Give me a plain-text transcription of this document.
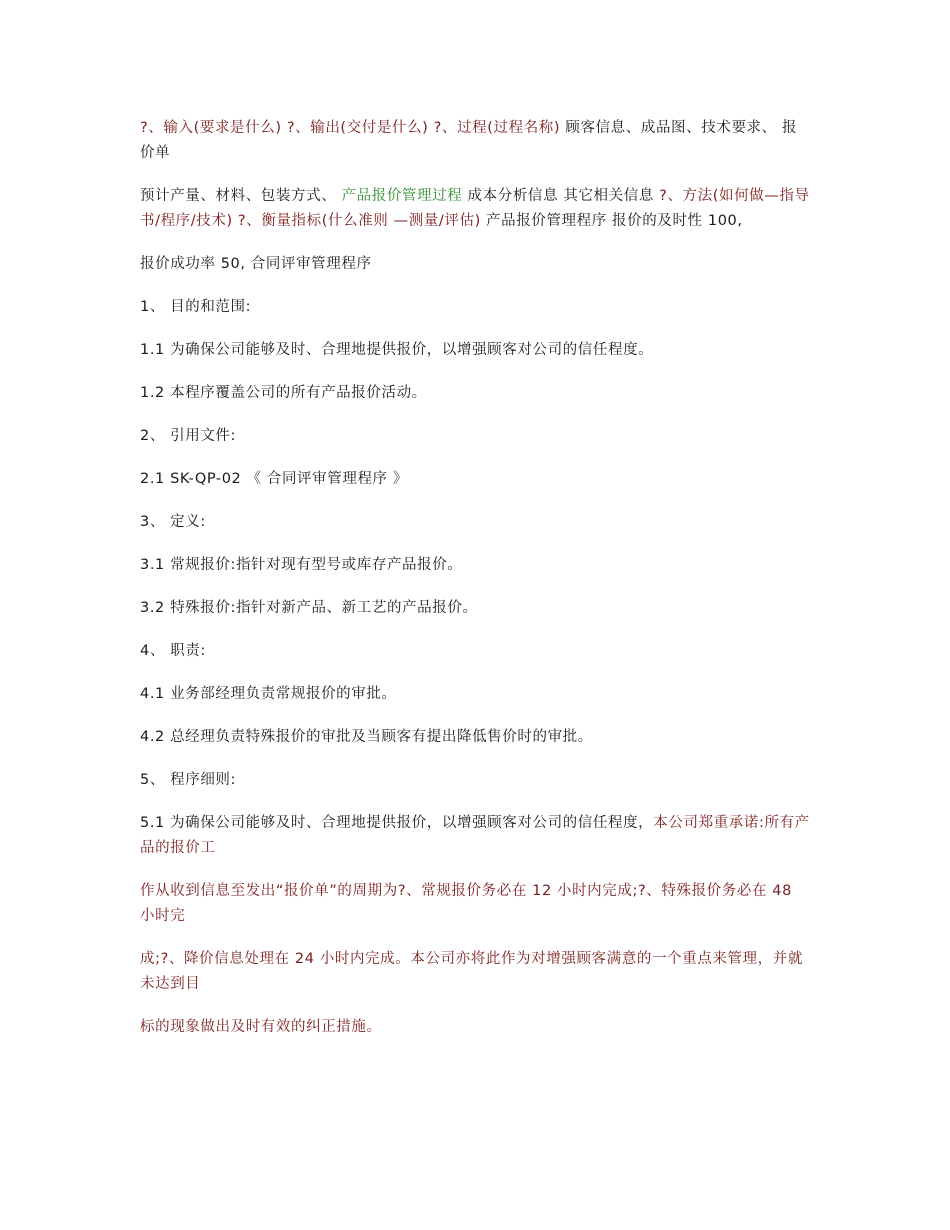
?、输入(要求是什么) ?、输出(交付是什么) ?、过程(过程名称) 顾客信息、成品图、技术要求、 报价单

预计产量、材料、包装方式、 产品报价管理过程 成本分析信息 其它相关信息 ?、方法(如何做—指导书/程序/技术) ?、衡量指标(什么准则 —测量/评估) 产品报价管理程序 报价的及时性 100,

报价成功率 50, 合同评审管理程序

1、 目的和范围:

1.1 为确保公司能够及时、合理地提供报价，以增强顾客对公司的信任程度。

1.2 本程序覆盖公司的所有产品报价活动。

2、 引用文件:

2.1 SK-QP-02 《 合同评审管理程序 》

3、 定义:

3.1 常规报价:指针对现有型号或库存产品报价。

3.2 特殊报价:指针对新产品、新工艺的产品报价。

4、 职责:

4.1 业务部经理负责常规报价的审批。

4.2 总经理负责特殊报价的审批及当顾客有提出降低售价时的审批。

5、 程序细则:

5.1 为确保公司能够及时、合理地提供报价，以增强顾客对公司的信任程度，本公司郑重承诺:所有产品的报价工

作从收到信息至发出“报价单”的周期为?、常规报价务必在 12 小时内完成;?、特殊报价务必在 48 小时完

成;?、降价信息处理在 24 小时内完成。本公司亦将此作为对增强顾客满意的一个重点来管理，并就未达到目

标的现象做出及时有效的纠正措施。
